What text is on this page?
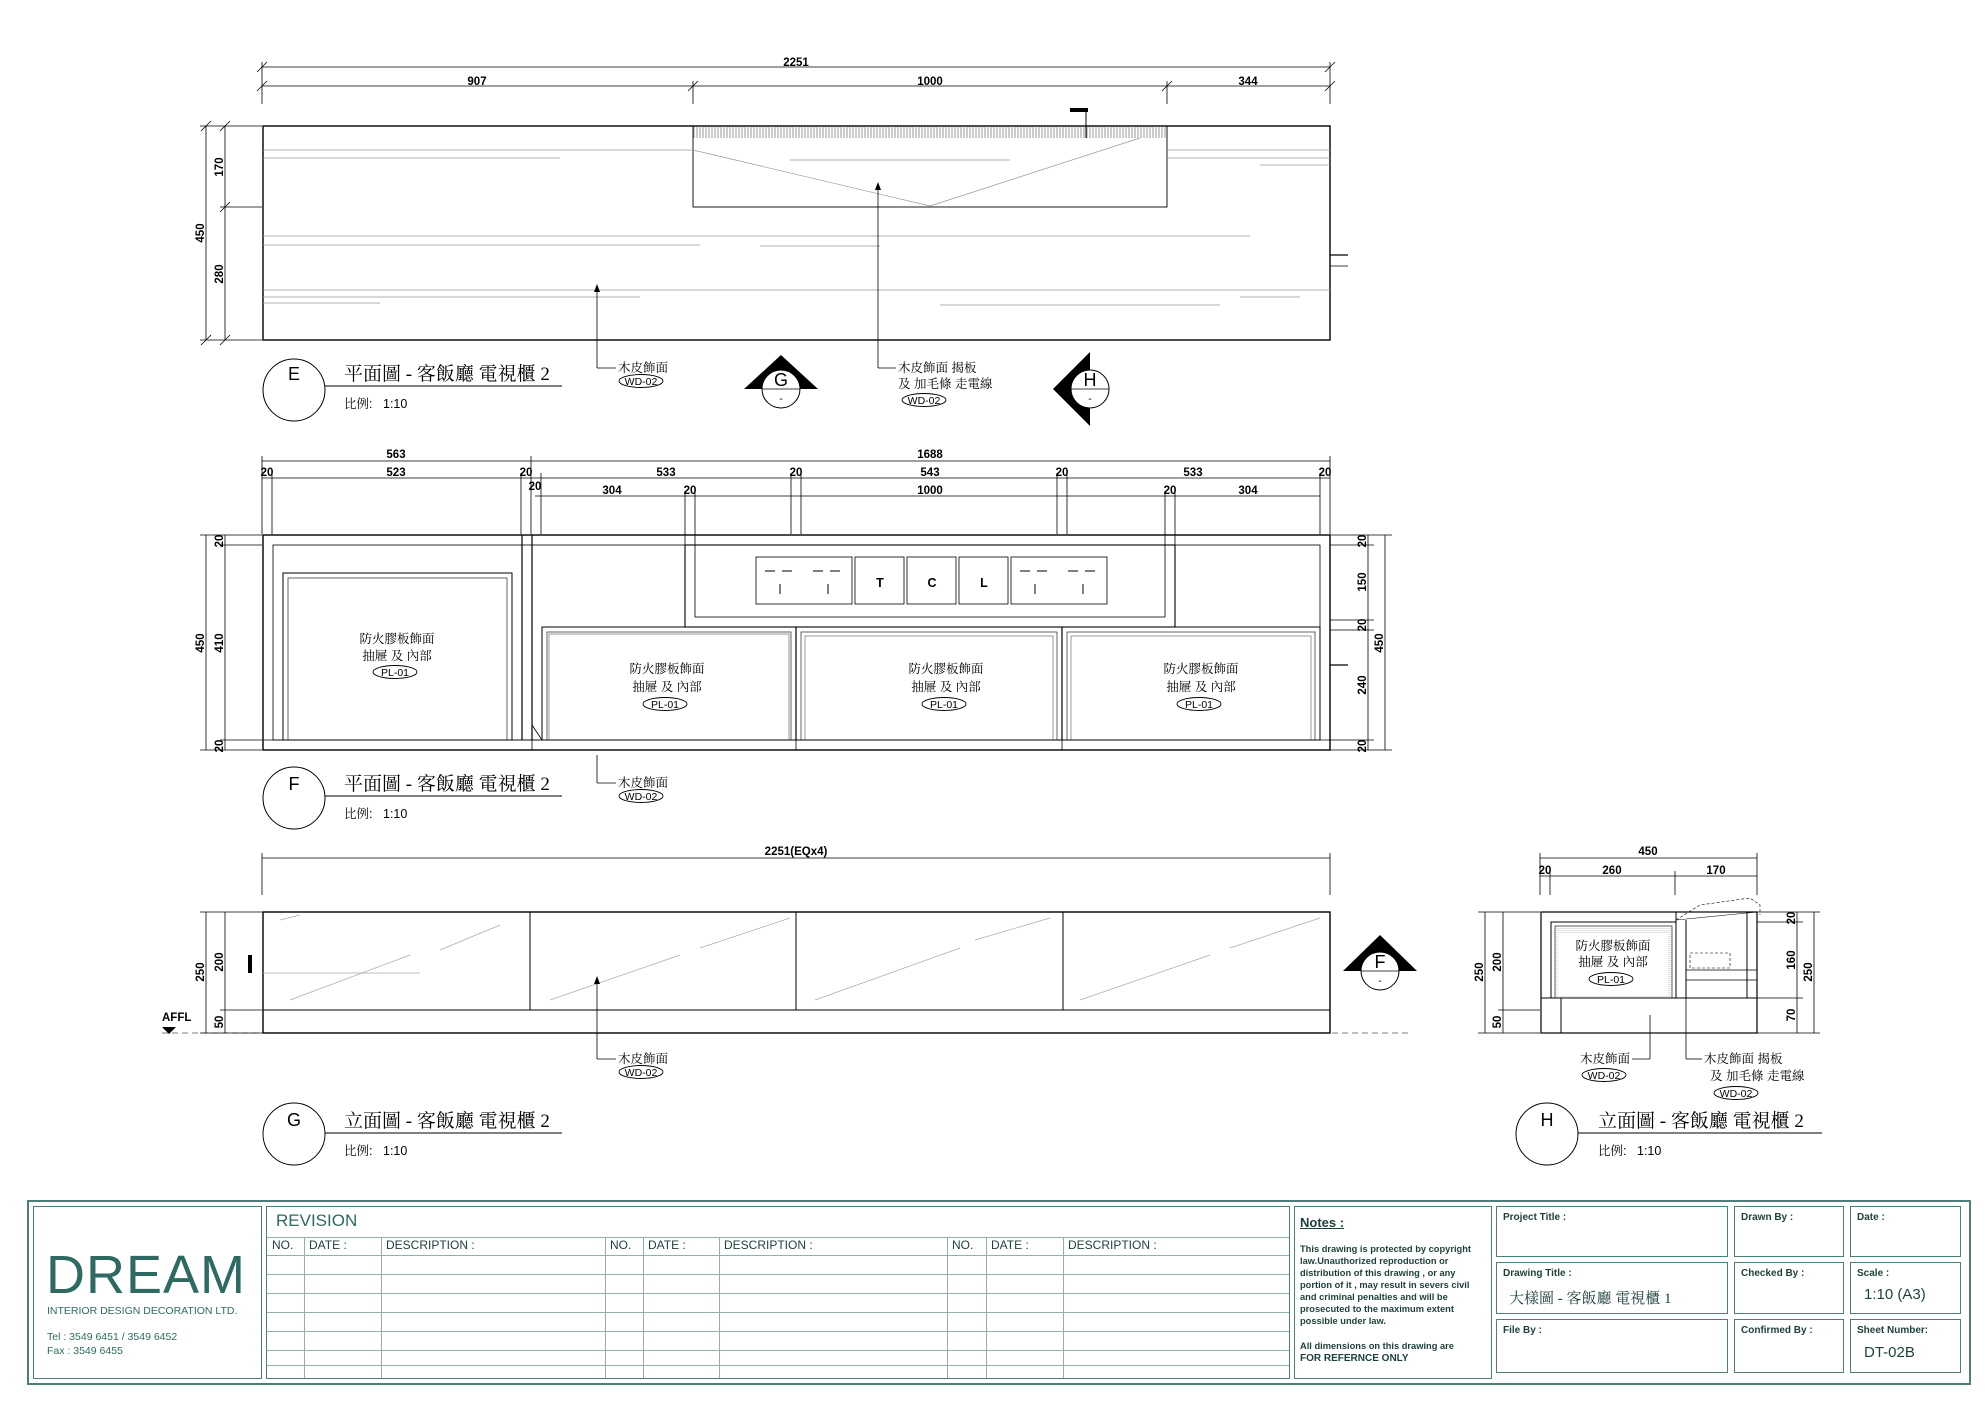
2251
907	1000	344
450
170
280
木皮飾面
WD-02
木皮飾面 揭板
及 加毛條 走電線
WD-02
G
-
H
-
E 平面圖 - 客飯廳 電視櫃 2
比例: 1:10
563	1688
20	523	20	533	20	543	20	533	20
20	304	20	1000	20	304
450
20
410
20
20
150
20
240
20
450
防火膠板飾面
抽屜 及 內部
PL-01
T	C	L
防火膠板飾面
抽屜 及 內部
PL-01
防火膠板飾面
抽屜 及 內部
PL-01
防火膠板飾面
抽屜 及 內部
PL-01
木皮飾面
WD-02
F 平面圖 - 客飯廳 電視櫃 2
比例: 1:10
2251(EQx4)
250
200
50
AFFL
木皮飾面
WD-02
F
-
G 立面圖 - 客飯廳 電視櫃 2
比例: 1:10
450
20	260	170
250
200
50
20
160
70
250
防火膠板飾面
抽屜 及 內部
PL-01
木皮飾面
WD-02
木皮飾面 揭板
及 加毛條 走電線
WD-02
H 立面圖 - 客飯廳 電視櫃 2
比例: 1:10
DREAM
INTERIOR DESIGN DECORATION LTD.
Tel : 3549 6451 / 3549 6452
Fax : 3549 6455
REVISION
NO. DATE :	DESCRIPTION :	NO. DATE :	DESCRIPTION :	NO. DATE :	DESCRIPTION :
Notes :
This drawing is protected by copyright law.Unauthorized reproduction or distribution of this drawing , or any portion of it , may result in severs civil and criminal penalties and will be prosecuted to the maximum extent possible under law.
All dimensions on this drawing are
FOR REFERNCE ONLY
Project Title :
Drawing Title :
大樣圖 - 客飯廳 電視櫃 1
File By :
Drawn By :
Checked By :
Confirmed By :
Date :
Scale :
1:10 (A3)
Sheet Number:
DT-02B
